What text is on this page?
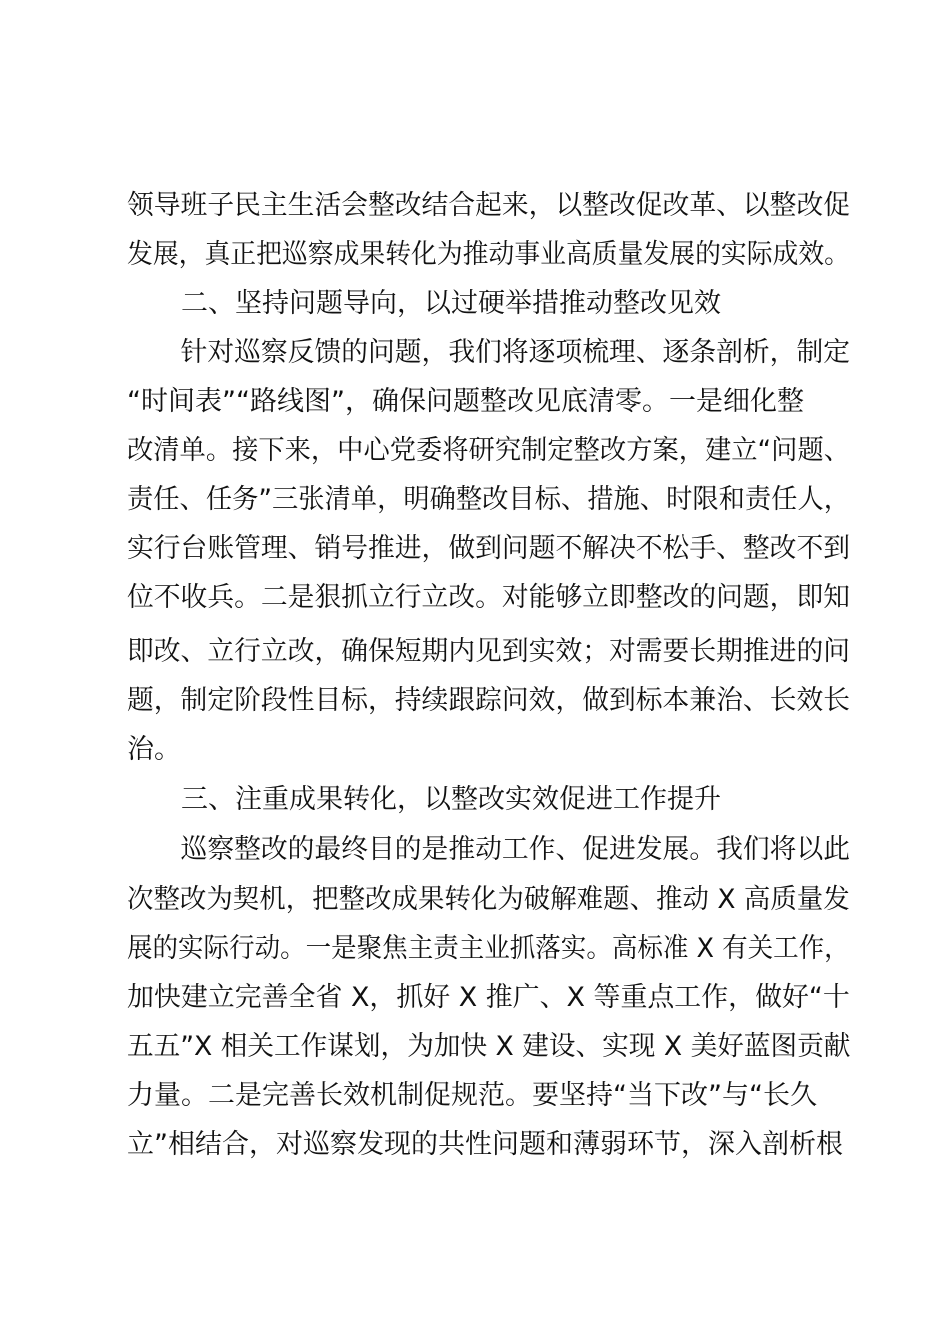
领导班子民主生活会整改结合起来，以整改促改革、以整改促
发展，真正把巡察成果转化为推动事业高质量发展的实际成效。
　　二、坚持问题导向，以过硬举措推动整改见效
　　针对巡察反馈的问题，我们将逐项梳理、逐条剖析，制定
“时间表”“路线图”，确保问题整改见底清零。一是细化整
改清单。接下来，中心党委将研究制定整改方案，建立“问题、
责任、任务”三张清单，明确整改目标、措施、时限和责任人，
实行台账管理、销号推进，做到问题不解决不松手、整改不到
位不收兵。二是狠抓立行立改。对能够立即整改的问题，即知
即改、立行立改，确保短期内见到实效；对需要长期推进的问
题，制定阶段性目标，持续跟踪问效，做到标本兼治、长效长
治。
　　三、注重成果转化，以整改实效促进工作提升
　　巡察整改的最终目的是推动工作、促进发展。我们将以此
次整改为契机，把整改成果转化为破解难题、推动 X 高质量发
展的实际行动。一是聚焦主责主业抓落实。高标准 X 有关工作，
加快建立完善全省 X，抓好 X 推广、X 等重点工作，做好“十
五五”X 相关工作谋划，为加快 X 建设、实现 X 美好蓝图贡献
力量。二是完善长效机制促规范。要坚持“当下改”与“长久
立”相结合，对巡察发现的共性问题和薄弱环节，深入剖析根
